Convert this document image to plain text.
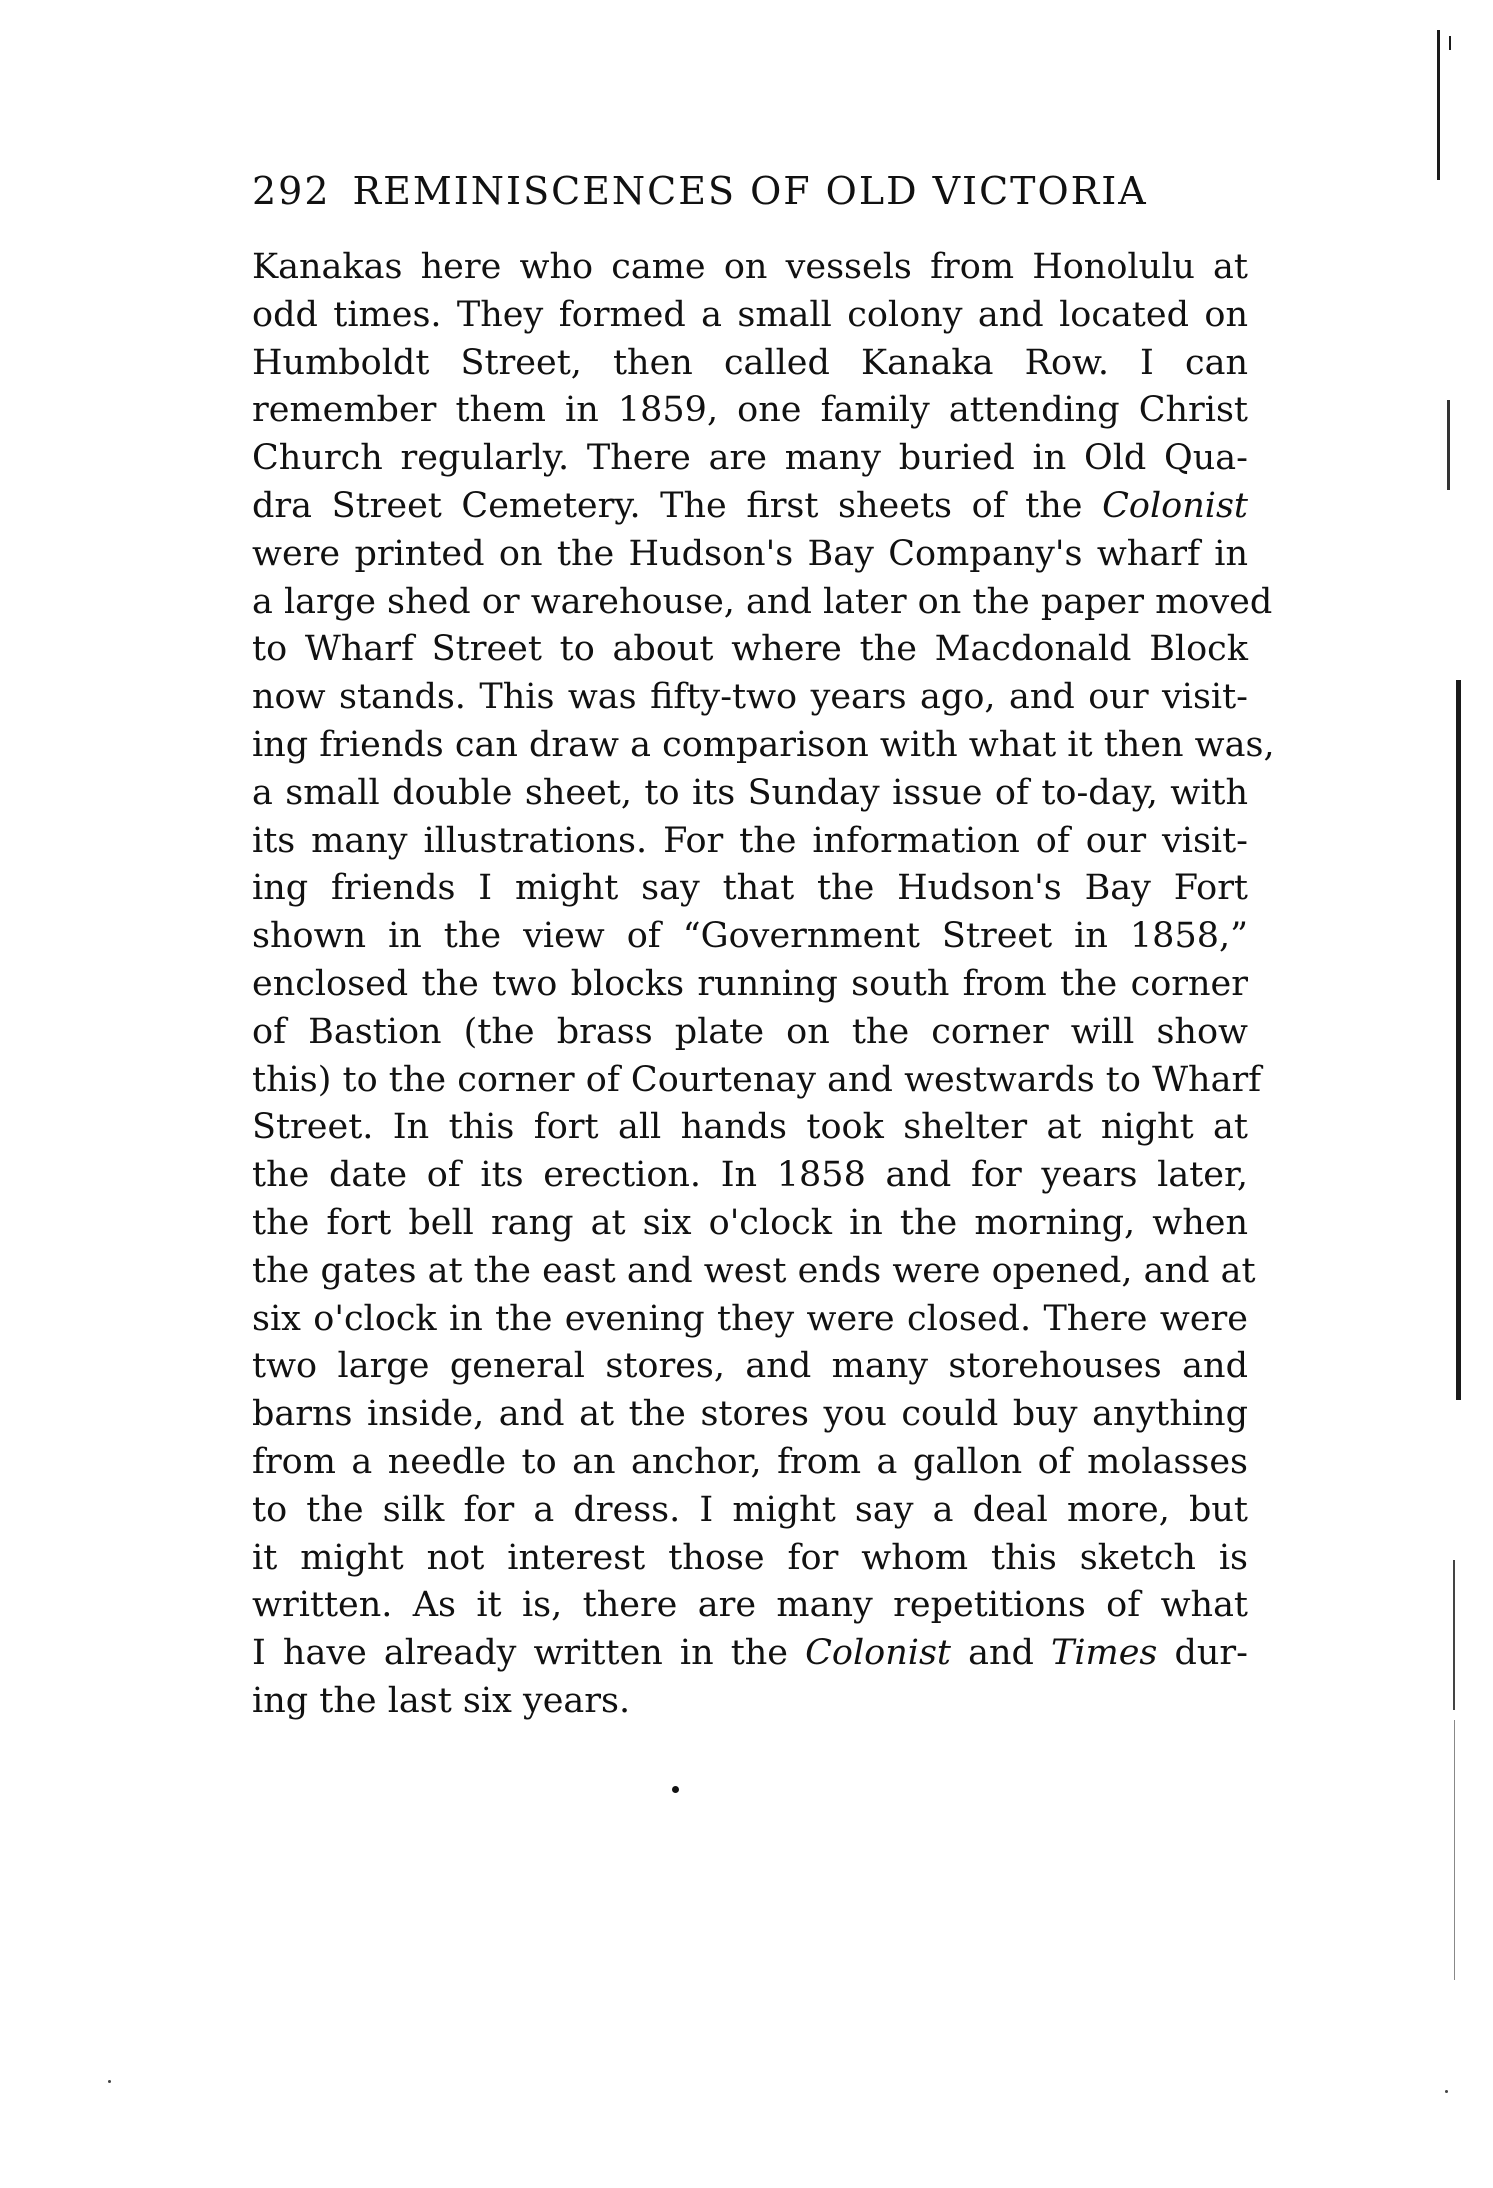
292 REMINISCENCES OF OLD VICTORIA
Kanakas here who came on vessels from Honolulu at
odd times. They formed a small colony and located on
Humboldt Street, then called Kanaka Row. I can
remember them in 1859, one family attending Christ
Church regularly. There are many buried in Old Qua-
dra Street Cemetery. The first sheets of the Colonist
were printed on the Hudson's Bay Company's wharf in
a large shed or warehouse, and later on the paper moved
to Wharf Street to about where the Macdonald Block
now stands. This was fifty-two years ago, and our visit-
ing friends can draw a comparison with what it then was,
a small double sheet, to its Sunday issue of to-day, with
its many illustrations. For the information of our visit-
ing friends I might say that the Hudson's Bay Fort
shown in the view of “Government Street in 1858,”
enclosed the two blocks running south from the corner
of Bastion (the brass plate on the corner will show
this) to the corner of Courtenay and westwards to Wharf
Street. In this fort all hands took shelter at night at
the date of its erection. In 1858 and for years later,
the fort bell rang at six o'clock in the morning, when
the gates at the east and west ends were opened, and at
six o'clock in the evening they were closed. There were
two large general stores, and many storehouses and
barns inside, and at the stores you could buy anything
from a needle to an anchor, from a gallon of molasses
to the silk for a dress. I might say a deal more, but
it might not interest those for whom this sketch is
written. As it is, there are many repetitions of what
I have already written in the Colonist and Times dur-
ing the last six years.
